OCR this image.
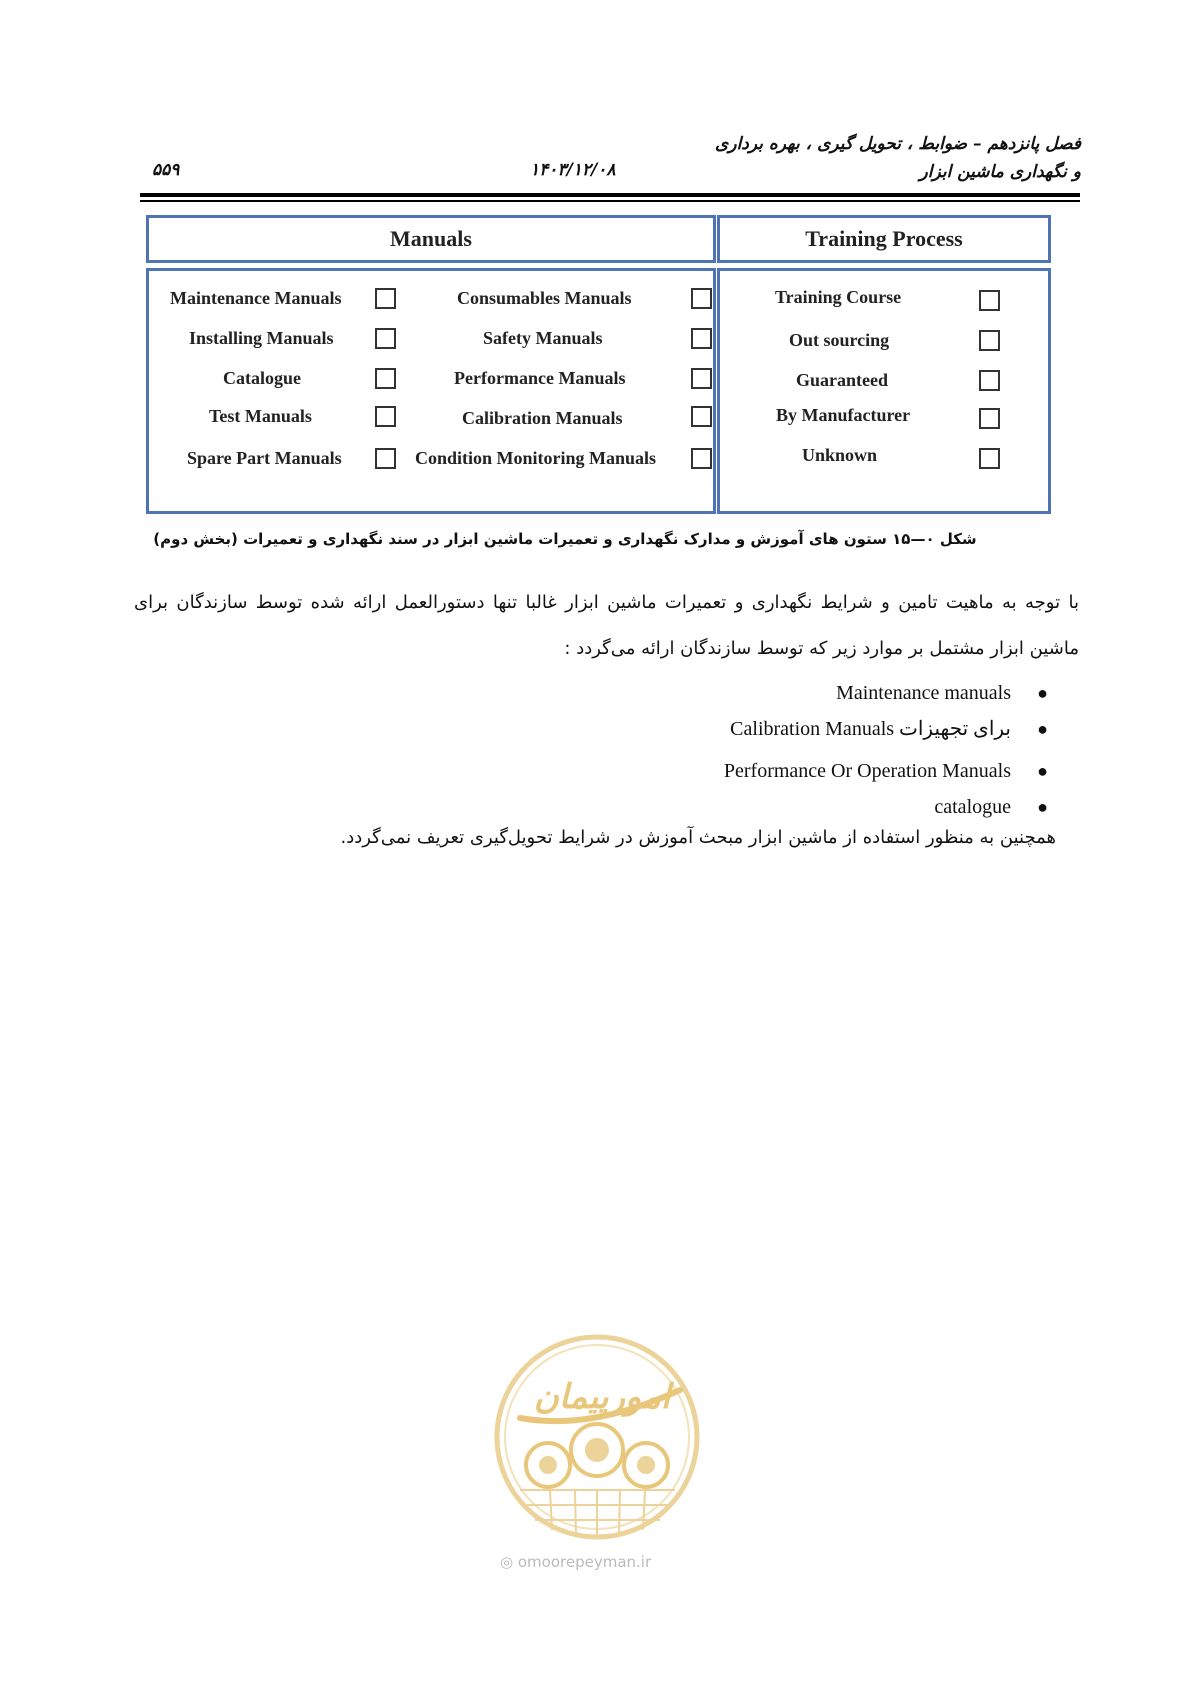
فصل پانزدهم – ضوابط ، تحویل گیری ، بهره برداری
و نگهداری ماشین ابزار
۱۴۰۳/۱۲/۰۸
۵۵۹
Manuals	Training Process
Maintenance Manuals
Installing Manuals
Catalogue
Test Manuals
Spare Part Manuals
Consumables Manuals
Safety Manuals
Performance Manuals
Calibration Manuals
Condition Monitoring Manuals
Training Course
Out sourcing
Guaranteed
By Manufacturer
Unknown
شکل ۰—۱۵ ستون های آموزش و مدارک نگهداری و تعمیرات ماشین ابزار در سند نگهداری و تعمیرات (بخش دوم)
با توجه به ماهیت تامین و شرایط نگهداری و تعمیرات ماشین ابزار غالبا تنها دستورالعمل ارائه شده توسط سازندگان برای ماشین ابزار مشتمل بر موارد زیر که توسط سازندگان ارائه می‌گردد :
●
Maintenance manuals
●
Calibration Manuals برای تجهیزات
●
Performance Or Operation Manuals
●
catalogue
همچنین به منظور استفاده از ماشین ابزار مبحث آموزش در شرایط تحویل‌گیری تعریف نمی‌گردد.
امورپیمان
◎ omoorepeyman.ir
